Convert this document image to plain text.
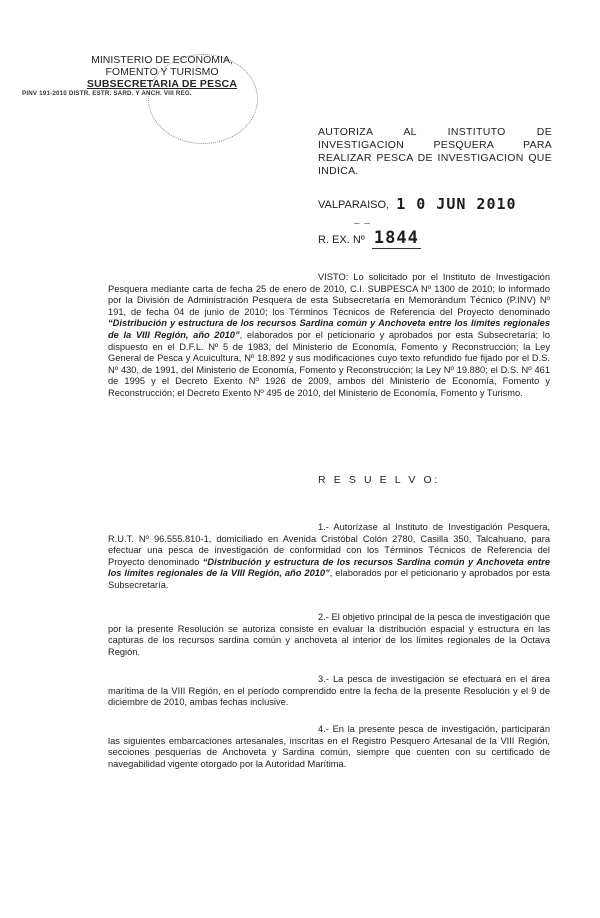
MINISTERIO DE ECONOMIA,
FOMENTO Y TURISMO
SUBSECRETARIA DE PESCA
PINV 191-2010 DISTR. ESTR. SARD. Y ANCH. VIII REG.
AUTORIZA AL INSTITUTO DE
INVESTIGACION PESQUERA PARA
REALIZAR PESCA DE INVESTIGACION QUE
INDICA.
VALPARAISO, 1 0 JUN 2010
– –
R. EX. Nº 1844
VISTO: Lo solicitado por el Instituto de Investigación Pesquera mediante carta de fecha 25 de enero de 2010, C.I. SUBPESCA Nº 1300 de 2010; lo informado por la División de Administración Pesquera de esta Subsecretaría en Memorándum Técnico (P.INV) Nº 191, de fecha 04 de junio de 2010; los Términos Técnicos de Referencia del Proyecto denominado “Distribución y estructura de los recursos Sardina común y Anchoveta entre los límites regionales de la VIII Región, año 2010”, elaborados por el peticionario y aprobados por esta Subsecretaría; lo dispuesto en el D.F.L. Nº 5 de 1983, del Ministerio de Economía, Fomento y Reconstrucción; la Ley General de Pesca y Acuicultura, Nº 18.892 y sus modificaciones cuyo texto refundido fue fijado por el D.S. Nº 430, de 1991, del Ministerio de Economía, Fomento y Reconstrucción; la Ley Nº 19.880; el D.S. Nº 461 de 1995 y el Decreto Exento Nº 1926 de 2009, ambos del Ministerio de Economía, Fomento y Reconstrucción; el Decreto Exento Nº 495 de 2010, del Ministerio de Economía, Fomento y Turismo.
R E S U E L V O:
1.- Autorízase al Instituto de Investigación Pesquera, R.U.T. Nº 96.555.810-1, domiciliado en Avenida Cristóbal Colón 2780, Casilla 350, Talcahuano, para efectuar una pesca de investigación de conformidad con los Términos Técnicos de Referencia del Proyecto denominado “Distribución y estructura de los recursos Sardina común y Anchoveta entre los límites regionales de la VIII Región, año 2010”, elaborados por el peticionario y aprobados por esta Subsecretaría.
2.- El objetivo principal de la pesca de investigación que por la presente Resolución se autoriza consiste en evaluar la distribución espacial y estructura en las capturas de los recursos sardina común y anchoveta al interior de los límites regionales de la Octava Región.
3.- La pesca de investigación se efectuará en el área marítima de la VIII Región, en el período comprendido entre la fecha de la presente Resolución y el 9 de diciembre de 2010, ambas fechas inclusive.
4.- En la presente pesca de investigación, participarán las siguientes embarcaciones artesanales, inscritas en el Registro Pesquero Artesanal de la VIII Región, secciones pesquerías de Anchoveta y Sardina común, siempre que cuenten con su certificado de navegabilidad vigente otorgado por la Autoridad Marítima.
